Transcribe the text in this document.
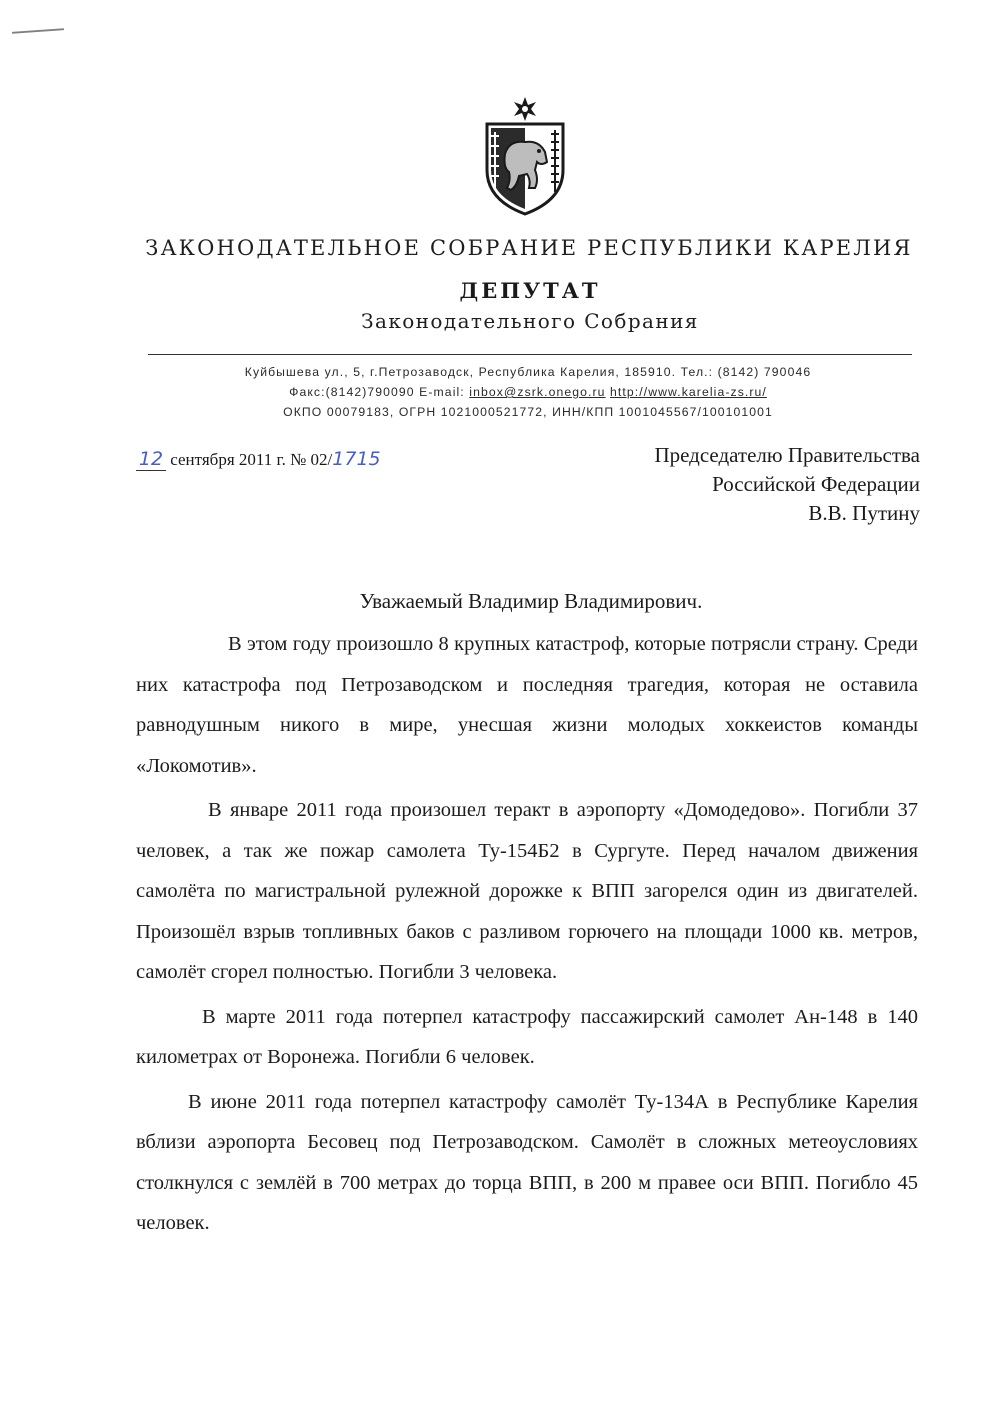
ЗАКОНОДАТЕЛЬНОЕ СОБРАНИЕ РЕСПУБЛИКИ КАРЕЛИЯ
ДЕПУТАТ
Законодательного Собрания
Куйбышева ул., 5, г.Петрозаводск, Республика Карелия, 185910. Тел.: (8142) 790046
Факс:(8142)790090 E-mail: inbox@zsrk.onego.ru http://www.karelia-zs.ru/
ОКПО 00079183, ОГРН 1021000521772, ИНН/КПП 1001045567/100101001
12 сентября 2011 г. № 02/1715	Председателю Правительства
Российской Федерации
В.В. Путину
Уважаемый Владимир Владимирович.

В этом году произошло 8 крупных катастроф, которые потрясли страну. Среди них катастрофа под Петрозаводском и последняя трагедия, которая не оставила равнодушным никого в мире, унесшая жизни молодых хоккеистов команды «Локомотив».

В январе 2011 года произошел теракт в аэропорту «Домодедово». Погибли 37 человек, а так же пожар самолета Ту-154Б2 в Сургуте. Перед началом движения самолёта по магистральной рулежной дорожке к ВПП загорелся один из двигателей. Произошёл взрыв топливных баков с разливом горючего на площади 1000 кв. метров, самолёт сгорел полностью. Погибли 3 человека.

В марте 2011 года потерпел катастрофу пассажирский самолет Ан-148 в 140 километрах от Воронежа. Погибли 6 человек.

В июне 2011 года потерпел катастрофу самолёт Ту-134А в Республике Карелия вблизи аэропорта Бесовец под Петрозаводском. Самолёт в сложных метеоусловиях столкнулся с землёй в 700 метрах до торца ВПП, в 200 м правее оси ВПП. Погибло 45 человек.
